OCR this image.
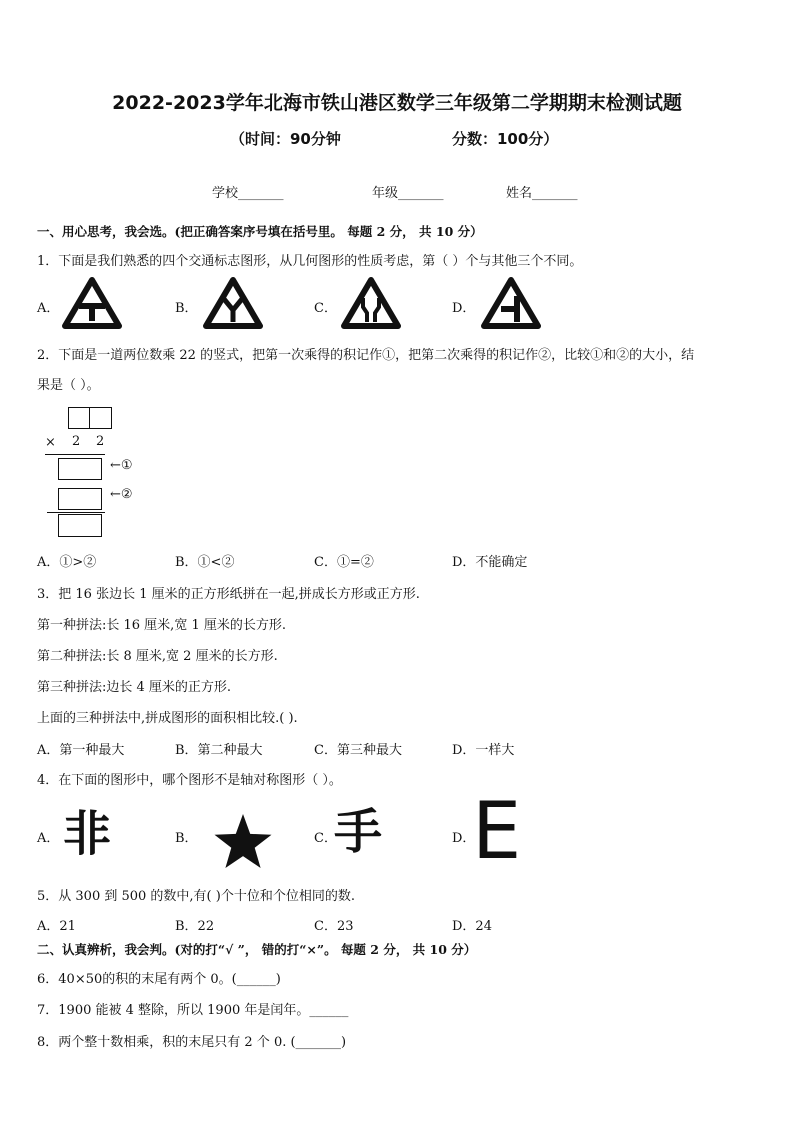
2022-2023学年北海市铁山港区数学三年级第二学期期末检测试题
（时间：90分钟	分数：100分）
学校_______	年级_______	姓名_______
一、用心思考，我会选。(把正确答案序号填在括号里。 每题 2 分， 共 10 分）
1．下面是我们熟悉的四个交通标志图形，从几何图形的性质考虑，第（ ）个与其他三个不同。
A．	B．	C．	D．
2．下面是一道两位数乘 22 的竖式，把第一次乘得的积记作①，把第二次乘得的积记作②，比较①和②的大小，结
果是（ ）。
× 2 2
←①
←②
A．①>②	B．①<②	C．①=②	D．不能确定
3．把 16 张边长 1 厘米的正方形纸拼在一起,拼成长方形或正方形.
第一种拼法:长 16 厘米,宽 1 厘米的长方形.
第二种拼法:长 8 厘米,宽 2 厘米的长方形.
第三种拼法:边长 4 厘米的正方形.
上面的三种拼法中,拼成图形的面积相比较.( ).
A．第一种最大	B．第二种最大	C．第三种最大	D．一样大
4．在下面的图形中，哪个图形不是轴对称图形（ ）。
A．	B．	C．	D．
非	手 E
5．从 300 到 500 的数中,有( )个十位和个位相同的数.
A．21	B．22	C．23	D．24
二、认真辨析，我会判。(对的打“√ ”， 错的打“×”。 每题 2 分， 共 10 分）
6．40×50的积的末尾有两个 0。(______)
7．1900 能被 4 整除，所以 1900 年是闰年。______
8．两个整十数相乘，积的末尾只有 2 个 0. (_______)
